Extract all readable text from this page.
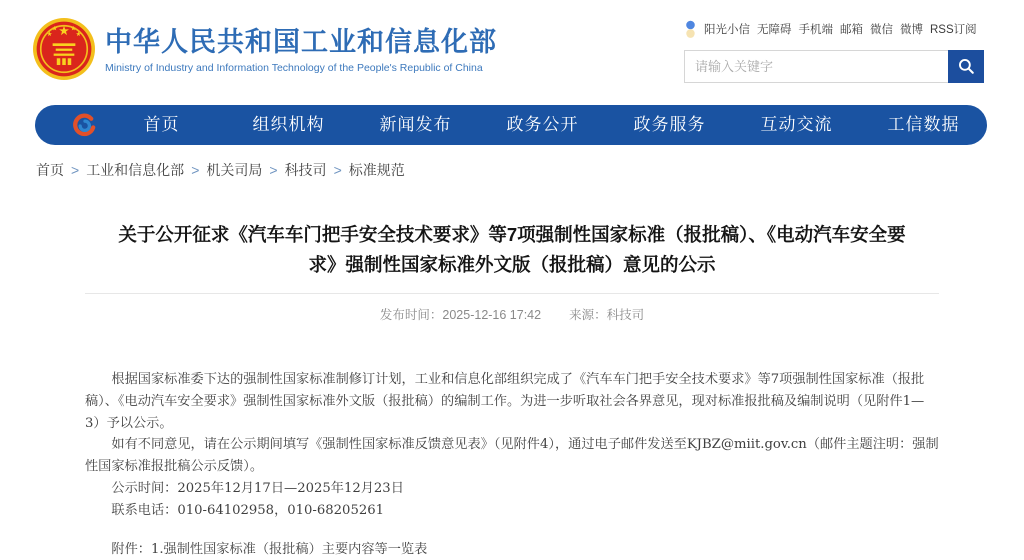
中华人民共和国工业和信息化部
Ministry of Industry and Information Technology of the People's Republic of China
阳光小信 无障碍 手机端 邮箱 微信 微博 RSS订阅
请输入关键字
首页	组织机构	新闻发布	政务公开	政务服务	互动交流	工信数据
首页 > 工业和信息化部 > 机关司局 > 科技司 > 标准规范
关于公开征求《汽车车门把手安全技术要求》等7项强制性国家标准（报批稿）、《电动汽车安全要求》强制性国家标准外文版（报批稿）意见的公示
发布时间：2025-12-16 17:42 来源：科技司

根据国家标准委下达的强制性国家标准制修订计划，工业和信息化部组织完成了《汽车车门把手安全技术要求》等7项强制性国家标准（报批稿）、《电动汽车安全要求》强制性国家标准外文版（报批稿）的编制工作。为进一步听取社会各界意见，现对标准报批稿及编制说明（见附件1—3）予以公示。

如有不同意见，请在公示期间填写《强制性国家标准反馈意见表》（见附件4），通过电子邮件发送至KJBZ@miit.gov.cn（邮件主题注明：强制性国家标准报批稿公示反馈）。

公示时间：2025年12月17日—2025年12月23日

联系电话：010-64102958，010-68205261

附件：1.强制性国家标准（报批稿）主要内容等一览表
